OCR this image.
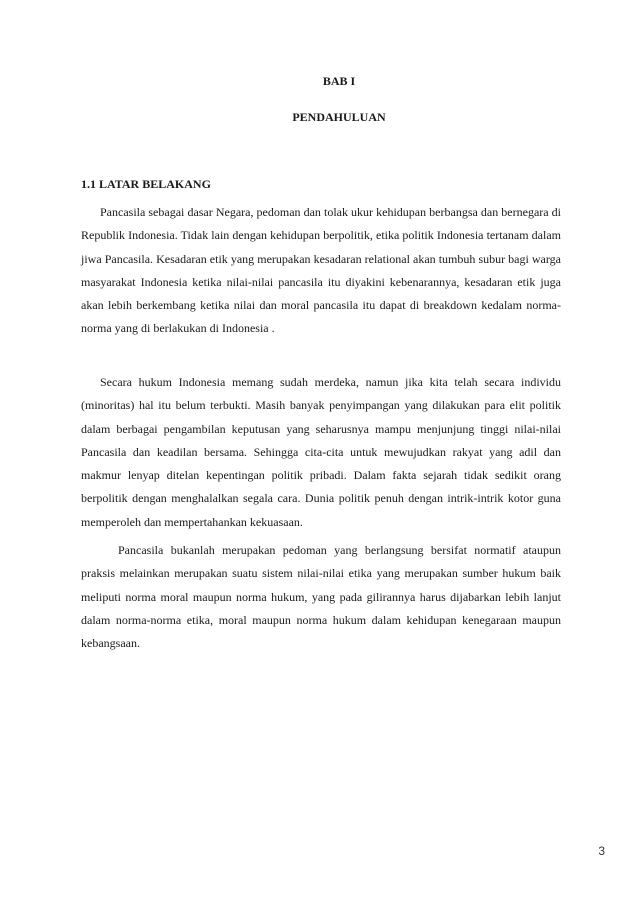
BAB I
PENDAHULUAN
1.1 LATAR BELAKANG

Pancasila sebagai dasar Negara, pedoman dan tolak ukur kehidupan berbangsa dan bernegara di Republik Indonesia. Tidak lain dengan kehidupan berpolitik, etika politik Indonesia tertanam dalam jiwa Pancasila. Kesadaran etik yang merupakan kesadaran relational akan tumbuh subur bagi warga masyarakat Indonesia ketika nilai-nilai pancasila itu diyakini kebenarannya, kesadaran etik juga akan lebih berkembang ketika nilai dan moral pancasila itu dapat di breakdown kedalam norma-norma yang di berlakukan di Indonesia .

Secara hukum Indonesia memang sudah merdeka, namun jika kita telah secara individu (minoritas) hal itu belum terbukti. Masih banyak penyimpangan yang dilakukan para elit politik dalam berbagai pengambilan keputusan yang seharusnya mampu menjunjung tinggi nilai-nilai Pancasila dan keadilan bersama. Sehingga cita-cita untuk mewujudkan rakyat yang adil dan makmur lenyap ditelan kepentingan politik pribadi. Dalam fakta sejarah tidak sedikit orang berpolitik dengan menghalalkan segala cara. Dunia politik penuh dengan intrik-intrik kotor guna memperoleh dan mempertahankan kekuasaan.

Pancasila bukanlah merupakan pedoman yang berlangsung bersifat normatif ataupun praksis melainkan merupakan suatu sistem nilai-nilai etika yang merupakan sumber hukum baik meliputi norma moral maupun norma hukum, yang pada gilirannya harus dijabarkan lebih lanjut dalam norma-norma etika, moral maupun norma hukum dalam kehidupan kenegaraan maupun kebangsaan.

3
